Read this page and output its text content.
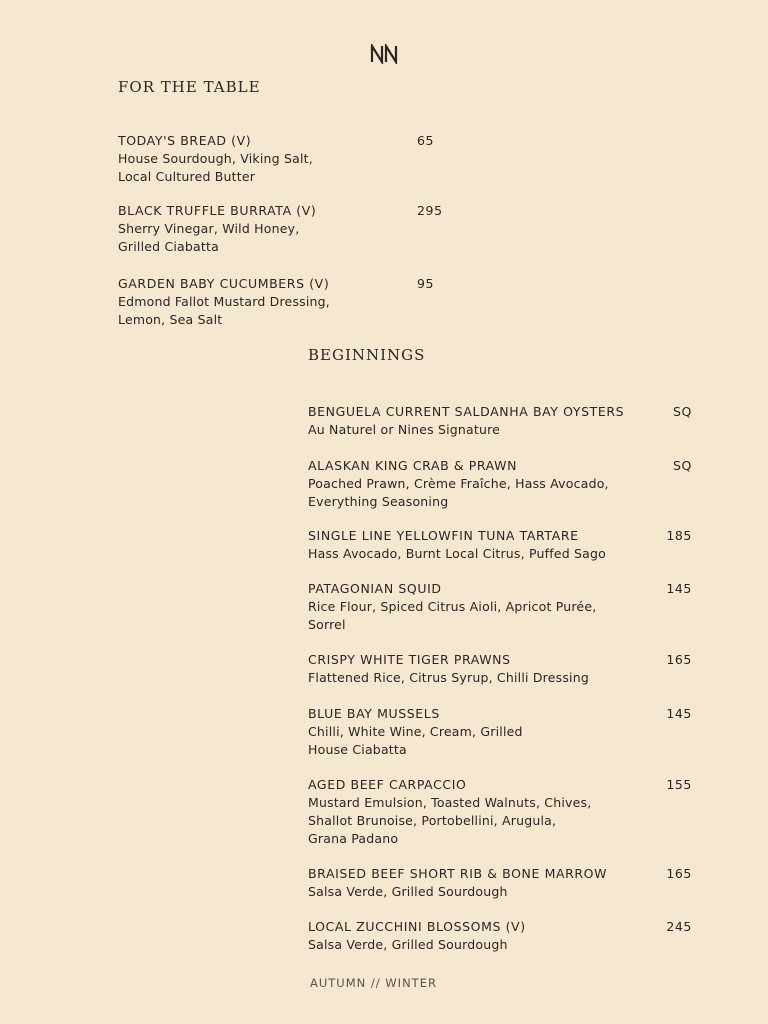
FOR THE TABLE
TODAY'S BREAD (V)	65
House Sourdough, Viking Salt,
Local Cultured Butter
BLACK TRUFFLE BURRATA (V)	295
Sherry Vinegar, Wild Honey,
Grilled Ciabatta
GARDEN BABY CUCUMBERS (V)	95
Edmond Fallot Mustard Dressing,
Lemon, Sea Salt
BEGINNINGS
BENGUELA CURRENT SALDANHA BAY OYSTERS	SQ
Au Naturel or Nines Signature
ALASKAN KING CRAB & PRAWN	SQ
Poached Prawn, Crème Fraîche, Hass Avocado,
Everything Seasoning
SINGLE LINE YELLOWFIN TUNA TARTARE	185
Hass Avocado, Burnt Local Citrus, Puffed Sago
PATAGONIAN SQUID	145
Rice Flour, Spiced Citrus Aioli, Apricot Purée,
Sorrel
CRISPY WHITE TIGER PRAWNS	165
Flattened Rice, Citrus Syrup, Chilli Dressing
BLUE BAY MUSSELS	145
Chilli, White Wine, Cream, Grilled
House Ciabatta
AGED BEEF CARPACCIO	155
Mustard Emulsion, Toasted Walnuts, Chives,
Shallot Brunoise, Portobellini, Arugula,
Grana Padano
BRAISED BEEF SHORT RIB & BONE MARROW	165
Salsa Verde, Grilled Sourdough
LOCAL ZUCCHINI BLOSSOMS (V)	245
Salsa Verde, Grilled Sourdough
AUTUMN // WINTER
